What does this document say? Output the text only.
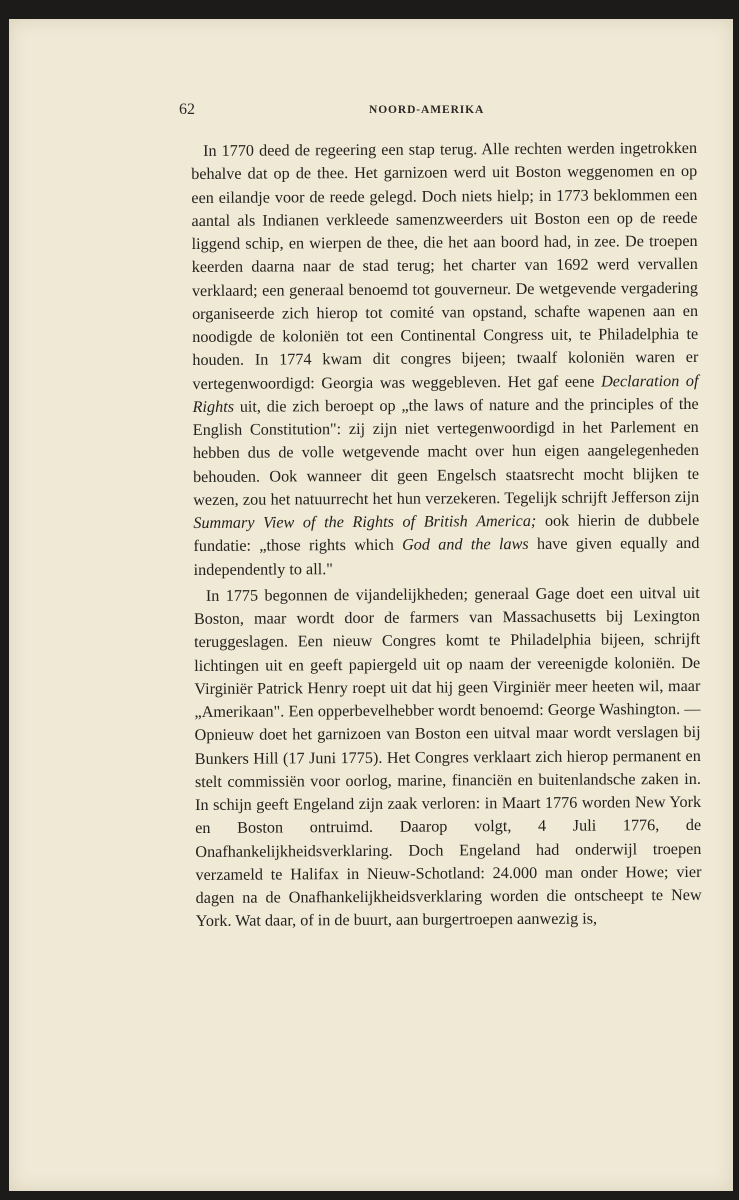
62	NOORD-AMERIKA

In 1770 deed de regeering een stap terug. Alle rechten werden ingetrokken behalve dat op de thee. Het garnizoen werd uit Boston weggenomen en op een eilandje voor de reede gelegd. Doch niets hielp; in 1773 beklommen een aantal als Indianen verkleede samenzweerders uit Boston een op de reede liggend schip, en wierpen de thee, die het aan boord had, in zee. De troepen keerden daarna naar de stad terug; het charter van 1692 werd vervallen verklaard; een generaal benoemd tot gouverneur. De wetgevende vergadering organiseerde zich hierop tot comité van opstand, schafte wapenen aan en noodigde de koloniën tot een Continental Congress uit, te Philadelphia te houden. In 1774 kwam dit congres bijeen; twaalf koloniën waren er vertegenwoordigd: Georgia was weggebleven. Het gaf eene Declaration of Rights uit, die zich beroept op „the laws of nature and the principles of the English Constitution": zij zijn niet vertegenwoordigd in het Parlement en hebben dus de volle wetgevende macht over hun eigen aangelegenheden behouden. Ook wanneer dit geen Engelsch staatsrecht mocht blijken te wezen, zou het natuurrecht het hun verzekeren. Tegelijk schrijft Jefferson zijn Summary View of the Rights of British America; ook hierin de dubbele fundatie: „those rights which God and the laws have given equally and independently to all."

In 1775 begonnen de vijandelijkheden; generaal Gage doet een uitval uit Boston, maar wordt door de farmers van Massachusetts bij Lexington teruggeslagen. Een nieuw Congres komt te Philadelphia bijeen, schrijft lichtingen uit en geeft papiergeld uit op naam der vereenigde koloniën. De Virginiër Patrick Henry roept uit dat hij geen Virginiër meer heeten wil, maar „Amerikaan". Een opperbevelhebber wordt benoemd: George Washington. — Opnieuw doet het garnizoen van Boston een uitval maar wordt verslagen bij Bunkers Hill (17 Juni 1775). Het Congres verklaart zich hierop permanent en stelt commissiën voor oorlog, marine, financiën en buitenlandsche zaken in. In schijn geeft Engeland zijn zaak verloren: in Maart 1776 worden New York en Boston ontruimd. Daarop volgt, 4 Juli 1776, de Onafhankelijkheidsverklaring. Doch Engeland had onderwijl troepen verzameld te Halifax in Nieuw-Schotland: 24.000 man onder Howe; vier dagen na de Onafhankelijkheidsverklaring worden die ontscheept te New York. Wat daar, of in de buurt, aan burgertroepen aanwezig is,
